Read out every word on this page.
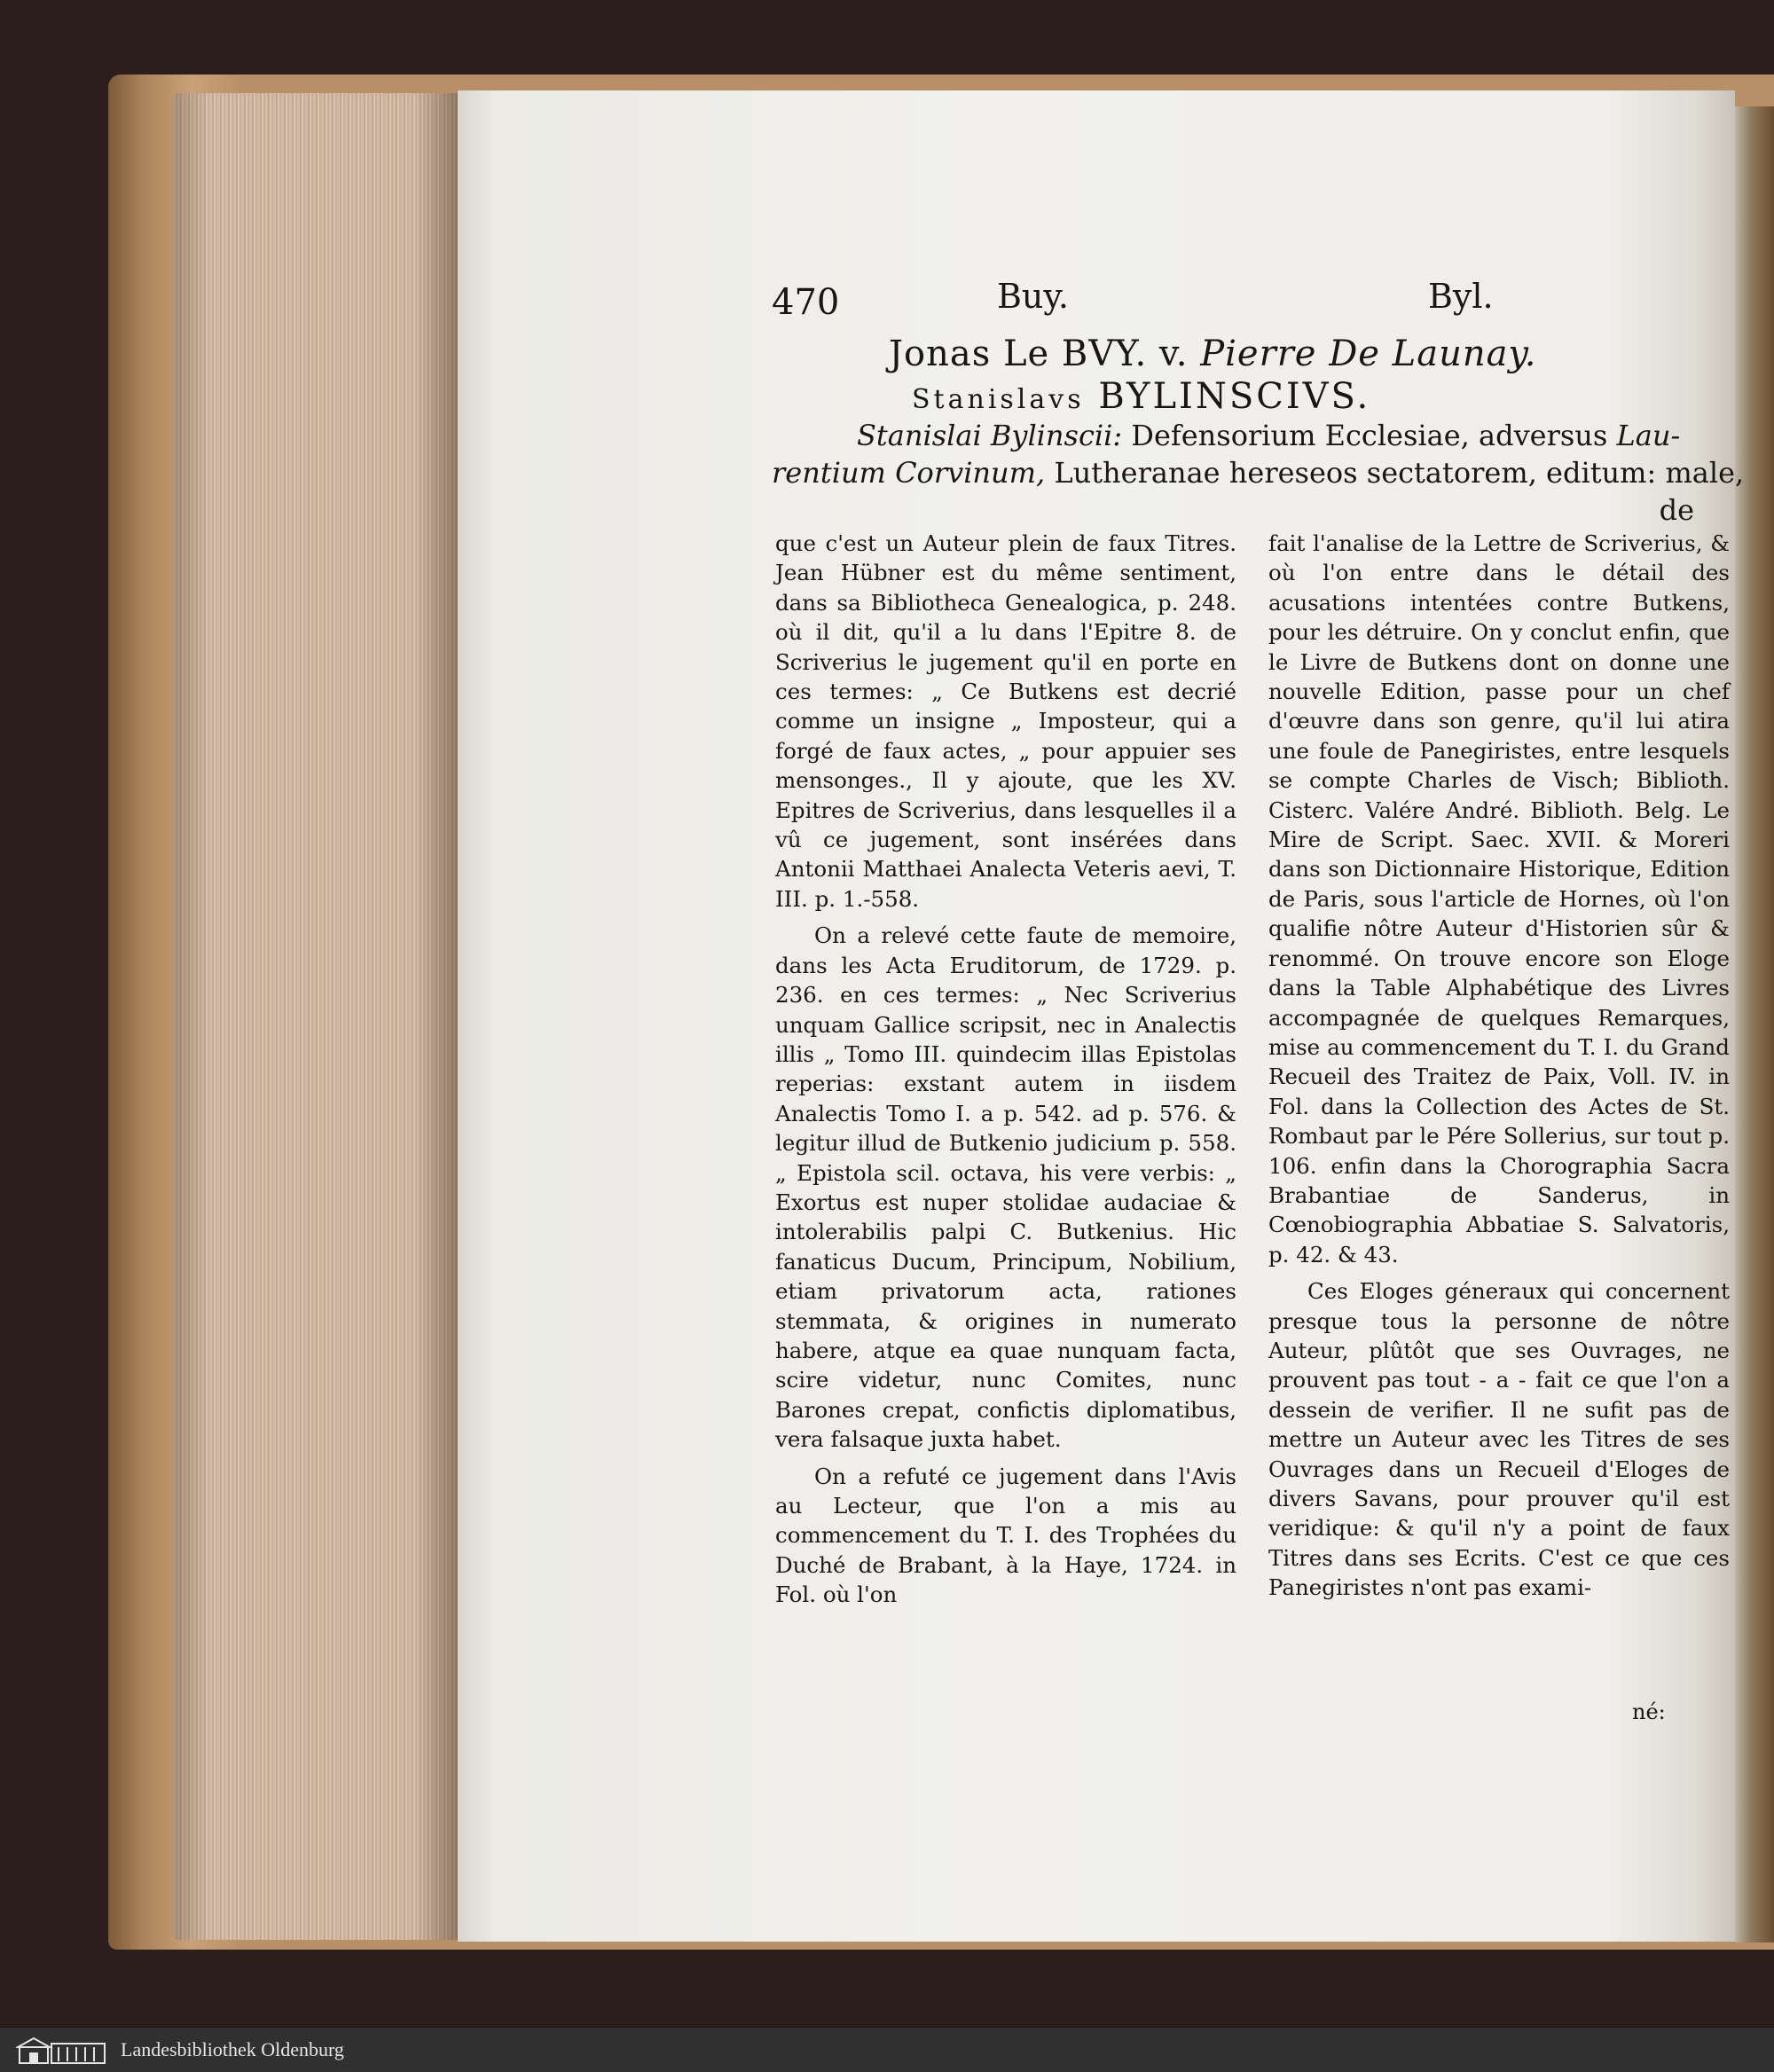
470	Buy.	Byl.
Jonas Le BVY. v. Pierre De Launay.
Stanislavs BYLINSCIVS.
Stanislai Bylinscii: Defensorium Ecclesiae, adversus Lau-
rentium Corvinum, Lutheranae hereseos sectatorem, editum: male,
de

que c'est un Auteur plein de faux Titres. Jean Hübner est du même sentiment, dans sa Bibliotheca Genealogica, p. 248. où il dit, qu'il a lu dans l'Epitre 8. de Scriverius le jugement qu'il en porte en ces termes: „ Ce Butkens est decrié comme un insigne „ Imposteur, qui a forgé de faux actes, „ pour appuier ses mensonges., Il y ajoute, que les XV. Epitres de Scriverius, dans lesquelles il a vû ce jugement, sont insérées dans Antonii Matthaei Analecta Veteris aevi, T. III. p. 1.-558.

On a relevé cette faute de memoire, dans les Acta Eruditorum, de 1729. p. 236. en ces termes: „ Nec Scriverius unquam Gallice scripsit, nec in Analectis illis „ Tomo III. quindecim illas Epistolas reperias: exstant autem in iisdem Analectis Tomo I. a p. 542. ad p. 576. & legitur illud de Butkenio judicium p. 558. „ Epistola scil. octava, his vere verbis: „ Exortus est nuper stolidae audaciae & intolerabilis palpi C. Butkenius. Hic fanaticus Ducum, Principum, Nobilium, etiam privatorum acta, rationes stemmata, & origines in numerato habere, atque ea quae nunquam facta, scire videtur, nunc Comites, nunc Barones crepat, confictis diplomatibus, vera falsaque juxta habet.

On a refuté ce jugement dans l'Avis au Lecteur, que l'on a mis au commencement du T. I. des Trophées du Duché de Brabant, à la Haye, 1724. in Fol. où l'on

fait l'analise de la Lettre de Scriverius, & où l'on entre dans le détail des acusations intentées contre Butkens, pour les détruire. On y conclut enfin, que le Livre de Butkens dont on donne une nouvelle Edition, passe pour un chef d'œuvre dans son genre, qu'il lui atira une foule de Panegiristes, entre lesquels se compte Charles de Visch; Biblioth. Cisterc. Valére André. Biblioth. Belg. Le Mire de Script. Saec. XVII. & Moreri dans son Dictionnaire Historique, Edition de Paris, sous l'article de Hornes, où l'on qualifie nôtre Auteur d'Historien sûr & renommé. On trouve encore son Eloge dans la Table Alphabétique des Livres accompagnée de quelques Remarques, mise au commencement du T. I. du Grand Recueil des Traitez de Paix, Voll. IV. in Fol. dans la Collection des Actes de St. Rombaut par le Pére Sollerius, sur tout p. 106. enfin dans la Chorographia Sacra Brabantiae de Sanderus, in Cœnobiographia Abbatiae S. Salvatoris, p. 42. & 43.

Ces Eloges géneraux qui concernent presque tous la personne de nôtre Auteur, plûtôt que ses Ouvrages, ne prouvent pas tout - a - fait ce que l'on a dessein de verifier. Il ne sufit pas de mettre un Auteur avec les Titres de ses Ouvrages dans un Recueil d'Eloges de divers Savans, pour prouver qu'il est veridique: & qu'il n'y a point de faux Titres dans ses Ecrits. C'est ce que ces Panegiristes n'ont pas exami-

né:
Landesbibliothek Oldenburg
